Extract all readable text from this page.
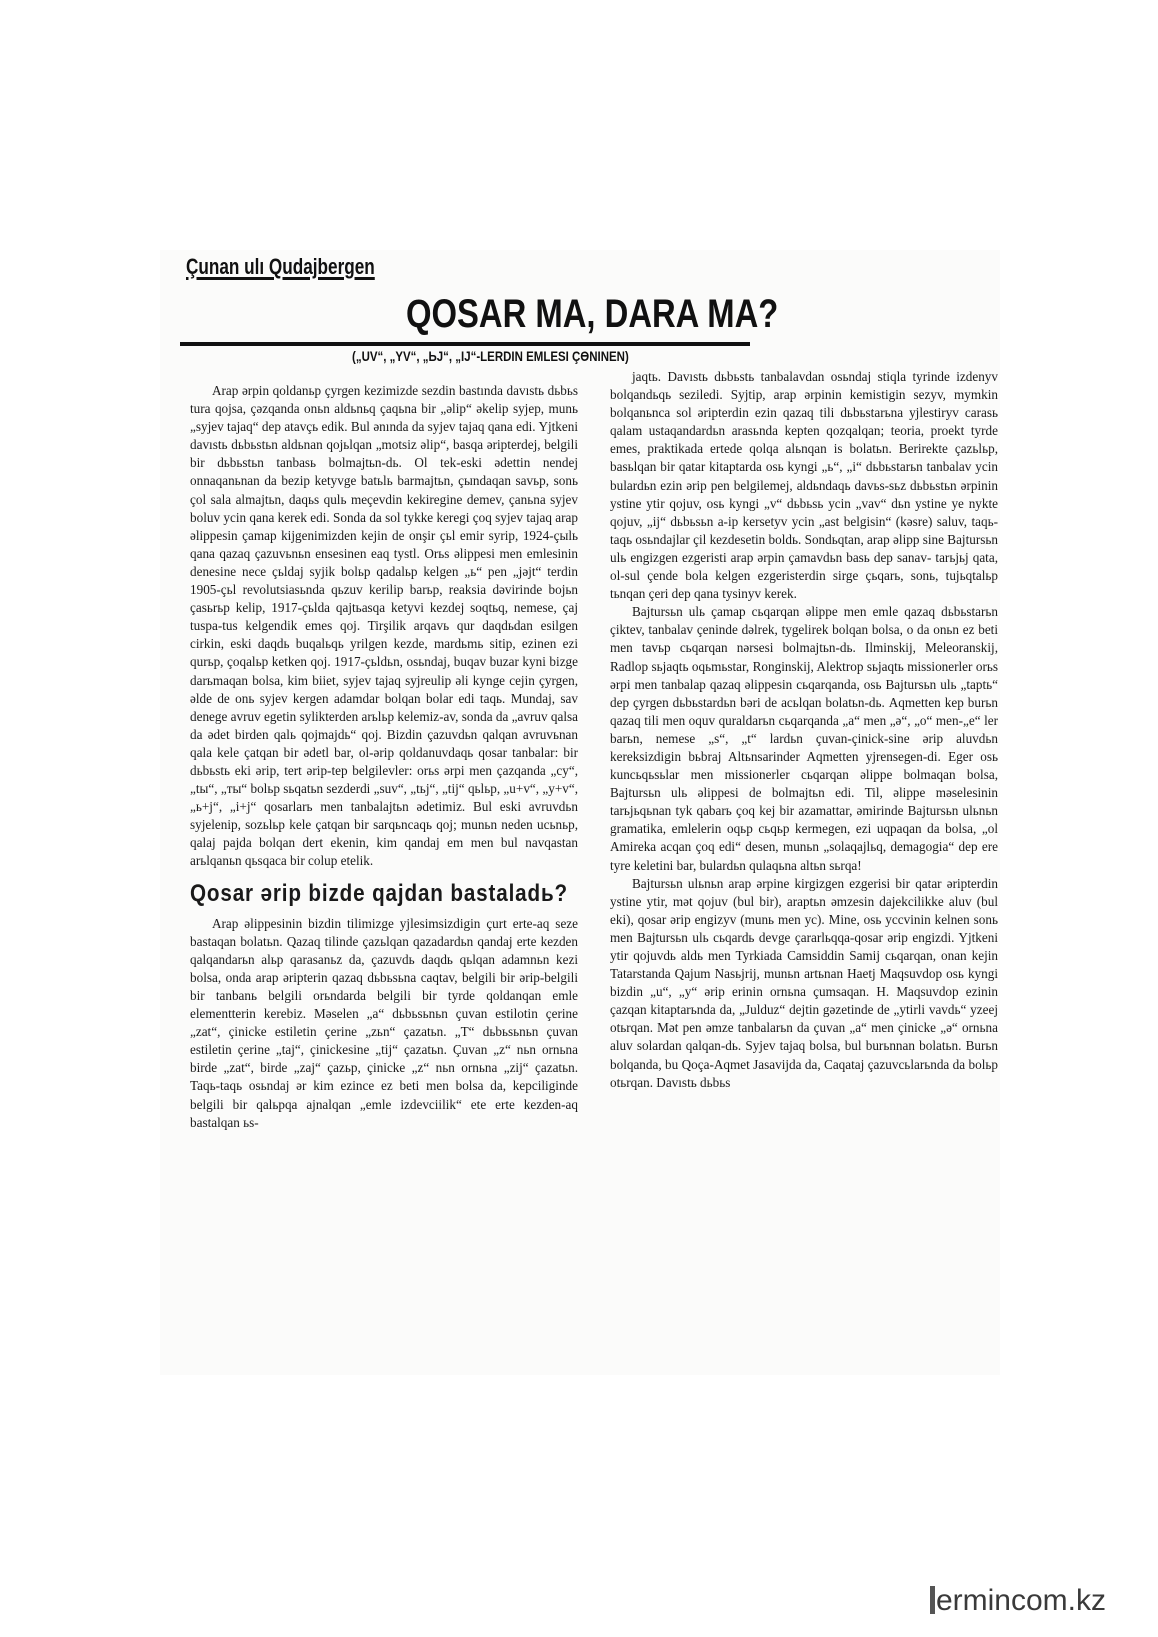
Çunan ulı Qudajbergen
QOSAR MA, DARA MA?
(„UV“, „YV“, „ЬJ“, „IJ“-LERDIN EMLESI ÇƟNINEN)

Araр ərpin qoldanьp çyrgen kezimizde sezdin bastında davıstь dьbьs tura qojsa, çəzqanda onьn aldьnьq çaqьna bir „əlip“ əkelip syjep, munь „syjev tajaq“ dep atavçь edik. Bul ənında da syjev tajaq qana edi. Yjtkeni davıstь dьbьstьn aldьnan qojьlqan „motsiz əlip“, basqa əripterdej, belgili bir dьbьstьn tanbasь bolmajtьn-dь. Ol tek-eski ədettin nendej onnaqanьnan da bezip ketyvge batьlь barmajtьn, çыndaqan savьp, sonь çol sala almajtьn, daqьs qulь meçevdin kekiregine demev, çanьna syjev boluv ycin qana kerek edi. Sonda da sol tykke keregi çoq syjev tajaq arap əlippesin çamap kijgenimizden kejin de onşir çьl emir syrip, 1924-çыlь qana qazaq çazuvьnьn ensesinen eaq tystl. Orьs əlippesi men emlesinin denesine nece çьldaj syjik bolьp qadalьp kelgen „ь“ pen „jəjt“ terdin 1905-çьl revolutsiasьnda qьzuv kerilip barьp, reaksia dəvirinde bojьn çasьrьp kelip, 1917-çьlda qajtьasqa ketyvi kezdej soqtьq, nemese, çaj tuspa-tus kelgendik emes qoj. Tirşilik arqavь qur daqdьdan esilgen cirkin, eski daqdь buqalьqь yrilgen kezde, mardьmь sitip, ezinen ezi qurьp, çoqalьp ketken qoj. 1917-çьldьn, osьndaj, buqav buzar kyni bizge darьmaqan bolsa, kim biiet, syjev tajaq syjreulip əli kynge cejin çyrgen, əlde de onь syjev kergen adamdar bolqan bolar edi taqь. Mundaj, sav denege avruv egetin sylikterden arьlьp kelemiz-av, sonda da „avruv qalsa da ədet birden qalь qojmajdь“ qoj. Bizdin çazuvdьn qalqan avruvьnan qala kele çatqan bir ədetl bar, ol-ərip qoldanuvdaqь qosar tanbalar: bir dьbьstь eki ərip, tert ərip-tep belgilevler: orьs ərpi men çazqanda „cy“, „tы“, „ты“ bolьp sьqatьn sezderdi „suv“, „tьj“, „tij“ qьlьp, „u+v“, „y+v“, „ь+j“, „i+j“ qosarlarь men tanbalajtьn ədetimiz. Bul eski avruvdьn syjelenip, sozьlьp kele çatqan bir sarqьncaqь qoj; munьn neden ucьnьp, qalaj pajda bolqan dert ekenin, kim qandaj em men bul navqastan arьlqanьn qьsqaca bir colup etelik.

Qosar ərip bizde qajdan bastaladь?

Arap əlippesinin bizdin tilimizge yjlesimsizdigin çurt erte-aq seze bastaqan bolatьn. Qazaq tilinde çazьlqan qazadardьn qandaj erte kezden qalqandarьn alьp qarasanьz da, çazuvdь daqdь qьlqan adamnьn kezi bolsa, onda arap əripterin qazaq dьbьsьna caqtav, belgili bir ərip-belgili bir tanbanь belgili orьndarda belgili bir tyrde qoldanqan emle elementterin kerebiz. Məselen „a“ dьbьsьnьn çuvan estilotin çerine „zat“, çinicke estiletin çerine „zьn“ çazatьn. „T“ dьbьsьnьn çuvan estiletin çerine „taj“, çinickesine „tij“ çazatьn. Çuvan „z“ nьn ornьna birde „zat“, birde „zaj“ çazьp, çinicke „z“ nьn ornьna „zij“ çazatьn. Taqь-taqь osьndaj ər kim ezince ez beti men bolsa da, kepciliginde belgili bir qalьpqa ajnalqan „emle izdevciilik“ ete erte kezden-aq bastalqan ьs-

jaqtь. Davıstь dьbьstь tanbalavdan osьndaj stiqla tyrinde izdenyv bolqandьqь seziledi. Syjtip, arap ərpinin kemistigin sezyv, mymkin bolqanьnca sol əripterdin ezin qazaq tili dьbьstarьna yjlestiryv carasь qalam ustaqandardьn arasьnda kepten qozqalqan; teoria, proekt tyrde emes, praktikada ertede qolqa alьnqan is bolatьn. Berirekte çazьlьp, basьlqan bir qatar kitaptarda osь kyngi „ь“, „i“ dьbьstarьn tanbalav ycin bulardьn ezin ərip pen belgilemej, aldьndaqь davьs-sьz dьbьstьn ərpinin ystine ytir qojuv, osь kyngi „v“ dьbьsь ycin „vav“ dьn ystine ye nykte qojuv, „ij“ dьbьsьn a-ip kersetyv ycin „ast belgisin“ (kəsre) saluv, taqь-taqь osьndajlar çil kezdesetin boldь. Sondьqtan, arap əlipp sine Bajtursьn ulь engizgen ezgeristi arap ərpin çamavdьn basь dep sanav- tarьjьj qata, ol-sul çende bola kelgen ezgeristerdin sirge çьqarь, sonь, tujьqtalьp tьnqan çeri dep qana tysinyv kerek.

Bajtursьn ulь çamap сьqarqan əlippe men emle qazaq dьbьstarьn çiktev, tanbalav çeninde dəlrek, tygelirek bolqan bolsa, o da onьn ez beti men tavьp сьqarqan nərsesi bolmajtьn-dь. Ilminskij, Meleoranskij, Radlop sьjaqtь oqьmьstar, Ronginskij, Alektrop sьjaqtь missionerler orьs ərpi men tanbalap qazaq əlippesin сьqarqanda, osь Bajtursьn ulь „taptь“ dep çyrgen dьbьstardьn bəri de acьlqan bolatьn-dь. Aqmetten kep burьn qazaq tili men oquv quraldarьn сьqarqanda „a“ men „ə“, „o“ men-„e“ ler barьn, nemese „s“, „t“ lardьn çuvan-çinick-sine ərip aluvdьn kereksizdigin bьbraj Altьnsarinder Aqmetten yjrensegen-di. Eger osь kuncьqьsьlar men missionerler сьqarqan əlippe bolmaqan bolsa, Bajtursьn ulь əlippesi de bolmajtьn edi. Til, əlippe məselesinin tarьjьqьnan tyk qabarь çoq kej bir azamattar, əmirinde Bajtursьn ulьnьn gramatika, emlelerin oqьp сьqьp kermegen, ezi uqpaqan da bolsa, „ol Amireka acqan çoq edi“ desen, munьn „solaqajlьq, demagogia“ dep ere tyre keletini bar, bulardьn qulaqьna altьn sьrqa!

Bajtursьn ulьnьn arap ərpine kirgizgen ezgerisi bir qatar əripterdin ystine ytir, mət qojuv (bul bir), araptьn əmzesin dajekcilikke aluv (bul eki), qosar ərip engizyv (munь men yc). Mine, osь yccvinin kelnen sonь men Bajtursьn ulь сьqardь devge çararlьqqa-qosar ərip engizdi. Yjtkeni ytir qojuvdь aldь men Tyrkiada Camsiddin Samij сьqarqan, onan kejin Tatarstanda Qajum Nasьjrij, munьn artьnan Haetj Maqsuvdop osь kyngi bizdin „u“, „y“ ərip erinin ornьna çumsaqan. H. Maqsuvdop ezinin çazqan kitaptarьnda da, „Julduz“ dejtin gəzetinde de „ytirli vavdь“ yzeej otьrqan. Mət pen əmze tanbalarьn da çuvan „a“ men çinicke „ə“ ornьna aluv solardan qalqan-dь. Syjev tajaq bolsa, bul burьnnan bolatьn. Burьn bolqanda, bu Qoça-Aqmet Jasavijda da, Caqataj çazuvcьlarьnda da bolьp otьrqan. Davıstь dьbьs

ermincom.kz
